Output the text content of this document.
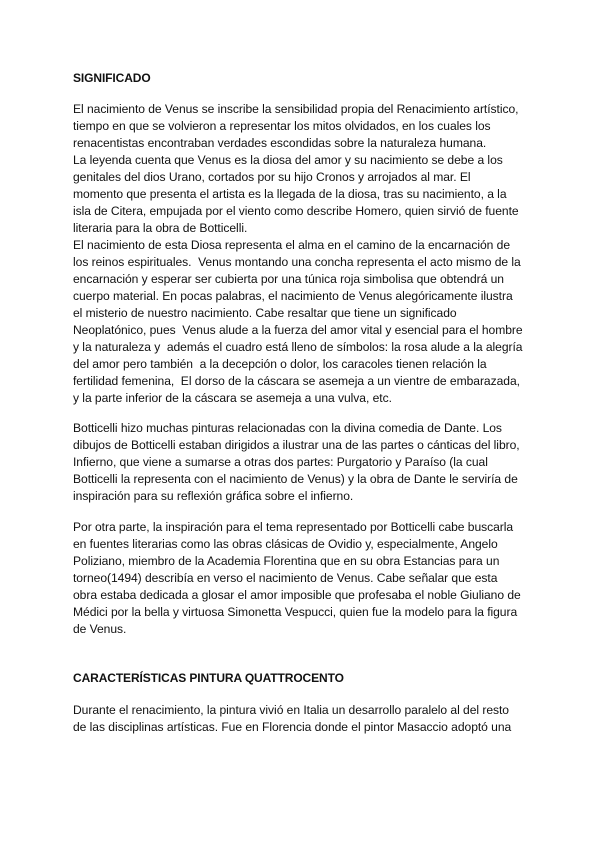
SIGNIFICADO
El nacimiento de Venus se inscribe la sensibilidad propia del Renacimiento artístico,
tiempo en que se volvieron a representar los mitos olvidados, en los cuales los
renacentistas encontraban verdades escondidas sobre la naturaleza humana.
La leyenda cuenta que Venus es la diosa del amor y su nacimiento se debe a los
genitales del dios Urano, cortados por su hijo Cronos y arrojados al mar. El
momento que presenta el artista es la llegada de la diosa, tras su nacimiento, a la
isla de Citera, empujada por el viento como describe Homero, quien sirvió de fuente
literaria para la obra de Botticelli.
El nacimiento de esta Diosa representa el alma en el camino de la encarnación de
los reinos espirituales.  Venus montando una concha representa el acto mismo de la
encarnación y esperar ser cubierta por una túnica roja simbolisa que obtendrá un
cuerpo material. En pocas palabras, el nacimiento de Venus alegóricamente ilustra
el misterio de nuestro nacimiento. Cabe resaltar que tiene un significado
Neoplatónico, pues  Venus alude a la fuerza del amor vital y esencial para el hombre
y la naturaleza y  además el cuadro está lleno de símbolos: la rosa alude a la alegría
del amor pero también  a la decepción o dolor, los caracoles tienen relación la
fertilidad femenina,  El dorso de la cáscara se asemeja a un vientre de embarazada,
y la parte inferior de la cáscara se asemeja a una vulva, etc.
Botticelli hizo muchas pinturas relacionadas con la divina comedia de Dante. Los
dibujos de Botticelli estaban dirigidos a ilustrar una de las partes o cánticas del libro,
Infierno, que viene a sumarse a otras dos partes: Purgatorio y Paraíso (la cual
Botticelli la representa con el nacimiento de Venus) y la obra de Dante le serviría de
inspiración para su reflexión gráfica sobre el infierno.
Por otra parte, la inspiración para el tema representado por Botticelli cabe buscarla
en fuentes literarias como las obras clásicas de Ovidio y, especialmente, Angelo
Poliziano, miembro de la Academia Florentina que en su obra Estancias para un
torneo(1494) describía en verso el nacimiento de Venus. Cabe señalar que esta
obra estaba dedicada a glosar el amor imposible que profesaba el noble Giuliano de
Médici por la bella y virtuosa Simonetta Vespucci, quien fue la modelo para la figura
de Venus.
CARACTERÍSTICAS PINTURA QUATTROCENTO
Durante el renacimiento, la pintura vivió en Italia un desarrollo paralelo al del resto
de las disciplinas artísticas. Fue en Florencia donde el pintor Masaccio adoptó una
